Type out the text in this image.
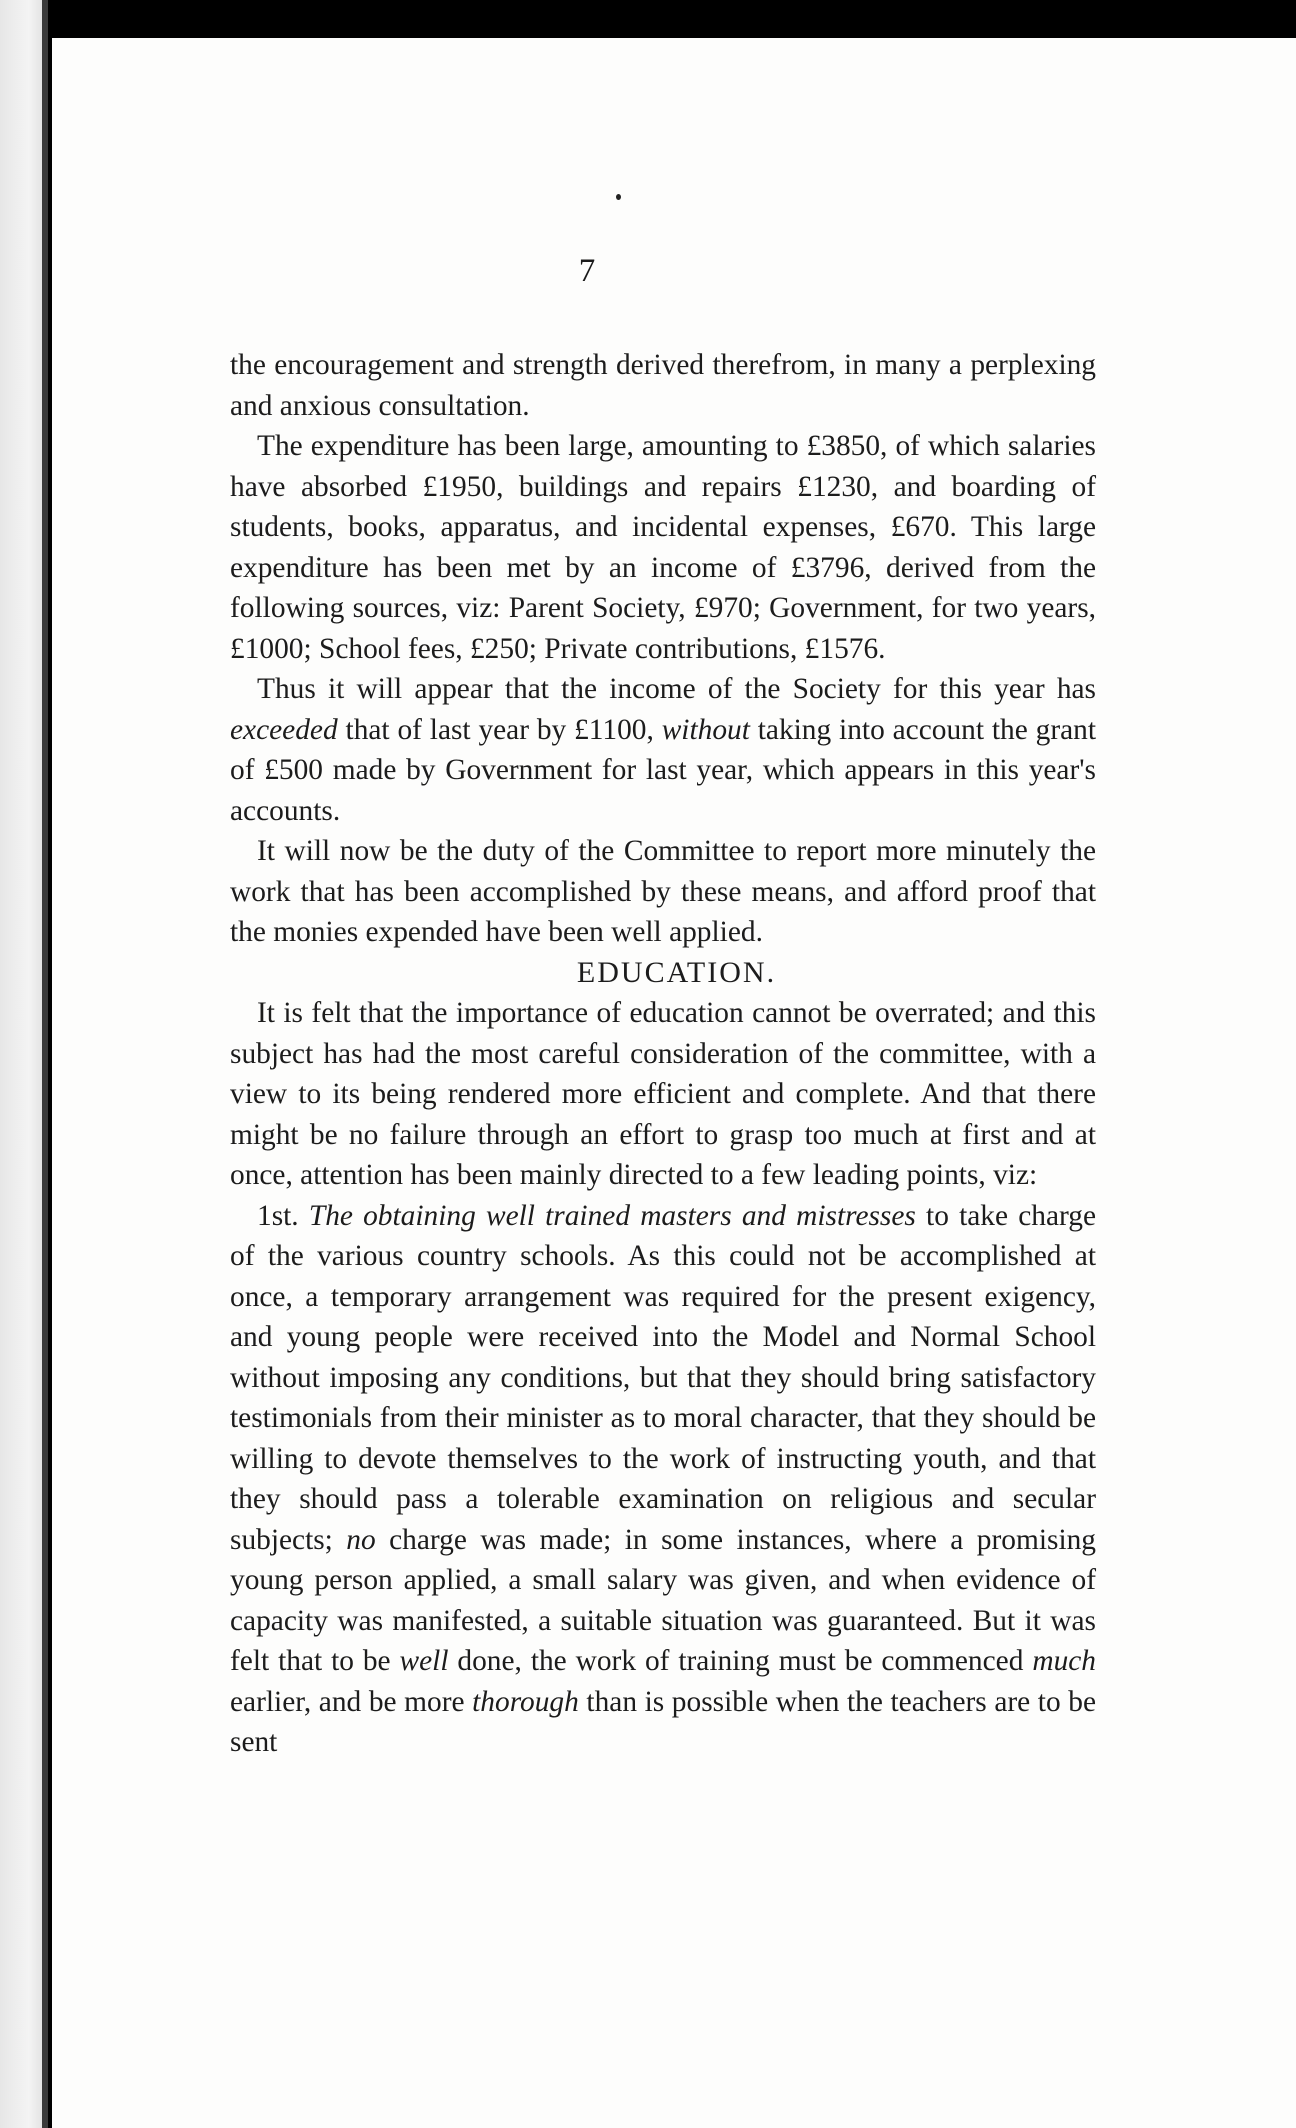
7

the encouragement and strength derived therefrom, in many a perplexing and anxious consultation.

The expenditure has been large, amounting to £3850, of which salaries have absorbed £1950, buildings and repairs £1230, and boarding of students, books, apparatus, and incidental expenses, £670. This large expenditure has been met by an income of £3796, derived from the following sources, viz: Parent Society, £970; Government, for two years, £1000; School fees, £250; Private contributions, £1576.

Thus it will appear that the income of the Society for this year has exceeded that of last year by £1100, without taking into account the grant of £500 made by Government for last year, which appears in this year's accounts.

It will now be the duty of the Committee to report more minutely the work that has been accomplished by these means, and afford proof that the monies expended have been well applied.

EDUCATION.

It is felt that the importance of education cannot be overrated; and this subject has had the most careful consideration of the committee, with a view to its being rendered more efficient and complete. And that there might be no failure through an effort to grasp too much at first and at once, attention has been mainly directed to a few leading points, viz:

1st. The obtaining well trained masters and mistresses to take charge of the various country schools. As this could not be accomplished at once, a temporary arrangement was required for the present exigency, and young people were received into the Model and Normal School without imposing any conditions, but that they should bring satisfactory testimonials from their minister as to moral character, that they should be willing to devote themselves to the work of instructing youth, and that they should pass a tolerable examination on religious and secular subjects; no charge was made; in some instances, where a promising young person applied, a small salary was given, and when evidence of capacity was manifested, a suitable situation was guaranteed. But it was felt that to be well done, the work of training must be commenced much earlier, and be more thorough than is possible when the teachers are to be sent
